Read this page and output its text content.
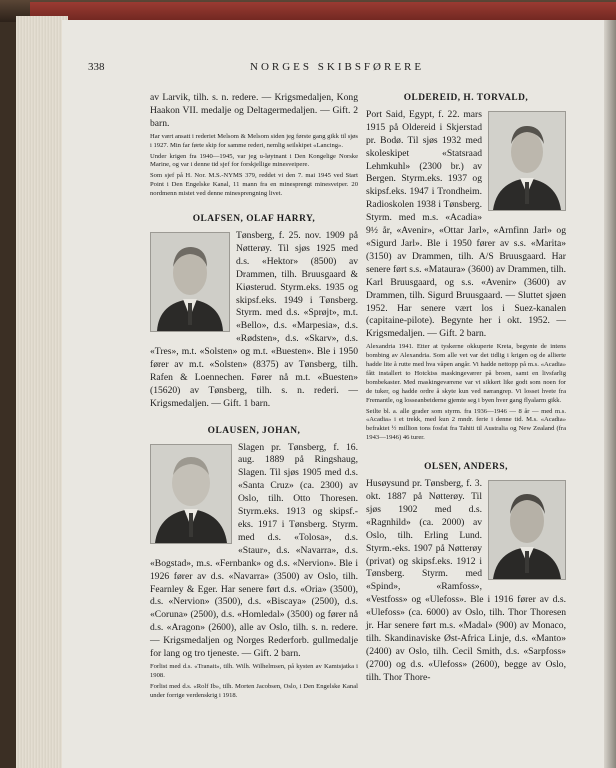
338	NORGES SKIBSFØRERE

av Larvik, tilh. s. n. redere. — Krigsmedaljen, Kong Haakon VII. medalje og Deltagermedaljen. — Gift. 2 barn.

Har vært ansatt i rederiet Melsom & Melsom siden jeg første gang gikk til sjøs i 1927. Min far førte skip for samme rederi, nemlig seilskipet «Lancing».

Under krigen fra 1940—1945, var jeg u-løytnant i Den Kongelige Norske Marine, og var i denne tid sjef for forskjellige minesveipere.

Som sjef på H. Nor. M.S.-NYMS 379, reddet vi den 7. mai 1945 ved Start Point i Den Engelske Kanal, 11 mann fra en minesprengt minesveiper. 20 nordmenn mistet ved denne minesprengning livet.

OLAFSEN, OLAF HARRY,

Tønsberg, f. 25. nov. 1909 på Nøtterøy. Til sjøs 1925 med d.s. «Hektor» (8500) av Drammen, tilh. Bruusgaard & Kiøsterud. Styrm.eks. 1935 og skipsf.eks. 1949 i Tønsberg. Styrm. med d.s. «Sprøjt», m.t. «Bello», d.s. «Marpesia», d.s. «Rødsten», d.s. «Skarv», d.s. «Tres», m.t. «Solsten» og m.t. «Buesten». Ble i 1950 fører av m.t. «Solsten» (8375) av Tønsberg, tilh. Rafen & Loennechen. Fører nå m.t. «Buesten» (15620) av Tønsberg, tilh. s. n. rederi. — Krigsmedaljen. — Gift. 1 barn.

OLAUSEN, JOHAN,

Slagen pr. Tønsberg, f. 16. aug. 1889 på Ringshaug, Slagen. Til sjøs 1905 med d.s. «Santa Cruz» (ca. 2300) av Oslo, tilh. Otto Thoresen. Styrm.eks. 1913 og skipsf.-eks. 1917 i Tønsberg. Styrm. med d.s. «Tolosa», d.s. «Staur», d.s. «Navarra», d.s. «Bogstad», m.s. «Fernbank» og d.s. «Nervion». Ble i 1926 fører av d.s. «Navarra» (3500) av Oslo, tilh. Fearnley & Eger. Har senere ført d.s. «Oria» (3500), d.s. «Nervion» (3500), d.s. «Biscaya» (2500), d.s. «Coruna» (2500), d.s. «Homledal» (3500) og fører nå d.s. «Aragon» (2600), alle av Oslo, tilh. s. n. redere. — Krigsmedaljen og Norges Rederforb. gullmedalje for lang og tro tjeneste. — Gift. 2 barn.

Forlist med d.s. «Tranait», tilh. Wilh. Wilhelmsen, på kysten av Kamtsjatka i 1908.

Forlist med d.s. «Rolf Ib», tilh. Morten Jacobsen, Oslo, i Den Engelske Kanal under forrige verdenskrig i 1918.

OLDEREID, H. TORVALD,

Port Said, Egypt, f. 22. mars 1915 på Oldereid i Skjerstad pr. Bodø. Til sjøs 1932 med skoleskipet «Statsraad Lehmkuhl» (2300 br.) av Bergen. Styrm.eks. 1937 og skipsf.eks. 1947 i Trondheim. Radioskolen 1938 i Tønsberg. Styrm. med m.s. «Acadia» 9½ år, «Avenir», «Ottar Jarl», «Arnfinn Jarl» og «Sigurd Jarl». Ble i 1950 fører av s.s. «Marita» (3150) av Drammen, tilh. A/S Bruusgaard. Har senere ført s.s. «Mataura» (3600) av Drammen, tilh. Karl Bruusgaard, og s.s. «Avenir» (3600) av Drammen, tilh. Sigurd Bruusgaard. — Sluttet sjøen 1952. Har senere vært los i Suez-kanalen (capitaine-pilote). Begynte her i okt. 1952. — Krigsmedaljen. — Gift. 2 barn.

Alexandria 1941. Etter at tyskerne okkuperte Kreta, begynte de intens bombing av Alexandria. Som alle vet var det tidlig i krigen og de allierte hadde lite å rutte med hva våpen angår. Vi hadde nettopp på m.s. «Acadia» fått installert to Hotckiss maskingeværer på broen, samt en livsfarlig bombekaster. Med maskingeværene var vi sikkert like godt som noen for de tuker, og hadde ordre å skyte kun ved nærangrep. Vi losset hvete fra Fremantle, og losseanbeiderne gjemte seg i byen hver gang flyalarm gikk.

Seilte bl. a. alle grader som styrm. fra 1936—1946 — 8 år — med m.s. «Acadia» i et trekk, med kun 2 mndr. ferie i denne tid. M.s. «Acadia» befraktet ½ million tons fosfat fra Tahiti til Australia og New Zealand (fra 1943—1946) 46 turer.

OLSEN, ANDERS,

Husøysund pr. Tønsberg, f. 3. okt. 1887 på Nøtterøy. Til sjøs 1902 med d.s. «Ragnhild» (ca. 2000) av Oslo, tilh. Erling Lund. Styrm.-eks. 1907 på Nøtterøy (privat) og skipsf.eks. 1912 i Tønsberg. Styrm. med «Spind», «Ramfoss», «Vestfoss» og «Ulefoss». Ble i 1916 fører av d.s. «Ulefoss» (ca. 6000) av Oslo, tilh. Thor Thoresen jr. Har senere ført m.s. «Madal» (900) av Monaco, tilh. Skandinaviske Øst-Africa Linje, d.s. «Manto» (2400) av Oslo, tilh. Cecil Smith, d.s. «Sarpfoss» (2700) og d.s. «Ulefoss» (2600), begge av Oslo, tilh. Thor Thore-
